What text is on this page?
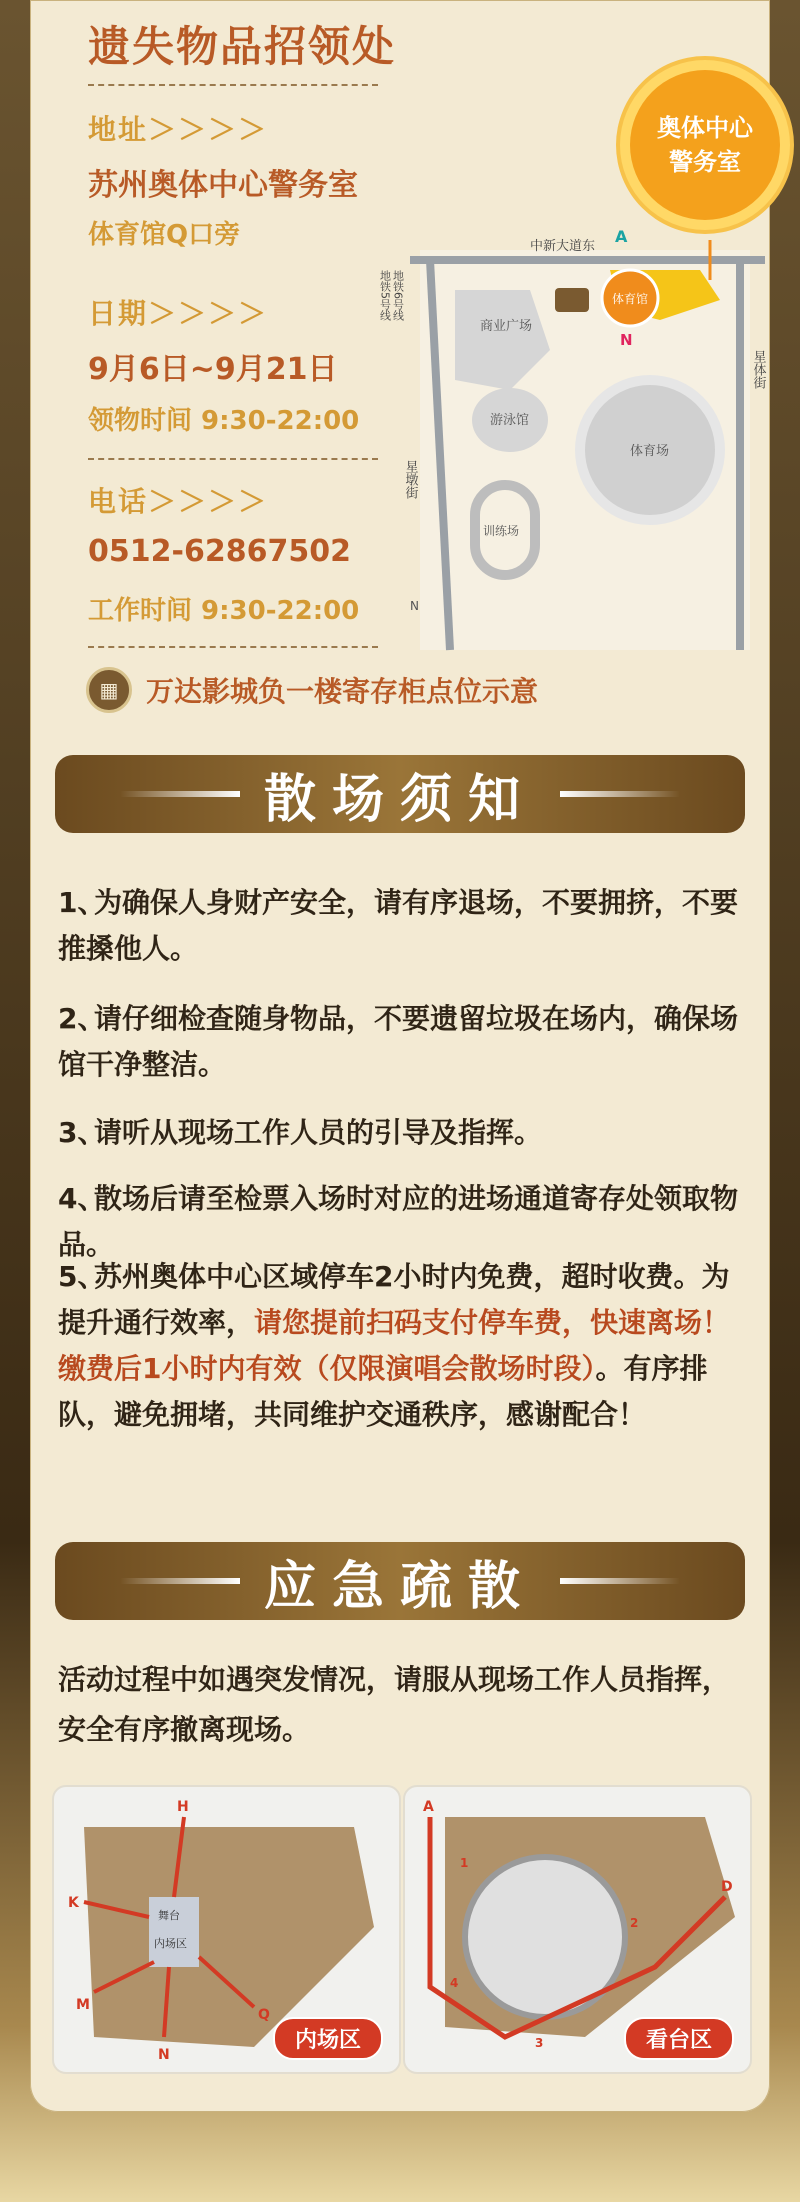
遗失物品招领处
地址＞＞＞＞
苏州奥体中心警务室
体育馆Q口旁
日期＞＞＞＞
9月6日~9月21日
领物时间 9:30-22:00
电话＞＞＞＞
0512-62867502
工作时间 9:30-22:00
▦ 万达影城负一楼寄存柜点位示意
商业广场
游泳馆
体育场
训练场
体育馆
中新大道东
A
N
星体街
星墩街
地铁5号线 地铁6号线
N
奥体中心
警务室
散场须知
1、为确保人身财产安全，请有序退场，不要拥挤，不要推搡他人。
2、请仔细检查随身物品，不要遗留垃圾在场内，确保场馆干净整洁。
3、请听从现场工作人员的引导及指挥。
4、散场后请至检票入场时对应的进场通道寄存处领取物品。
5、苏州奥体中心区域停车2小时内免费，超时收费。为提升通行效率，请您提前扫码支付停车费，快速离场！缴费后1小时内有效（仅限演唱会散场时段）。有序排队，避免拥堵，共同维护交通秩序，感谢配合！
应急疏散
活动过程中如遇突发情况，请服从现场工作人员指挥，安全有序撤离现场。
舞台
内场区
H
K
M
N
Q
内场区
A
D
1
2
3
4
看台区
